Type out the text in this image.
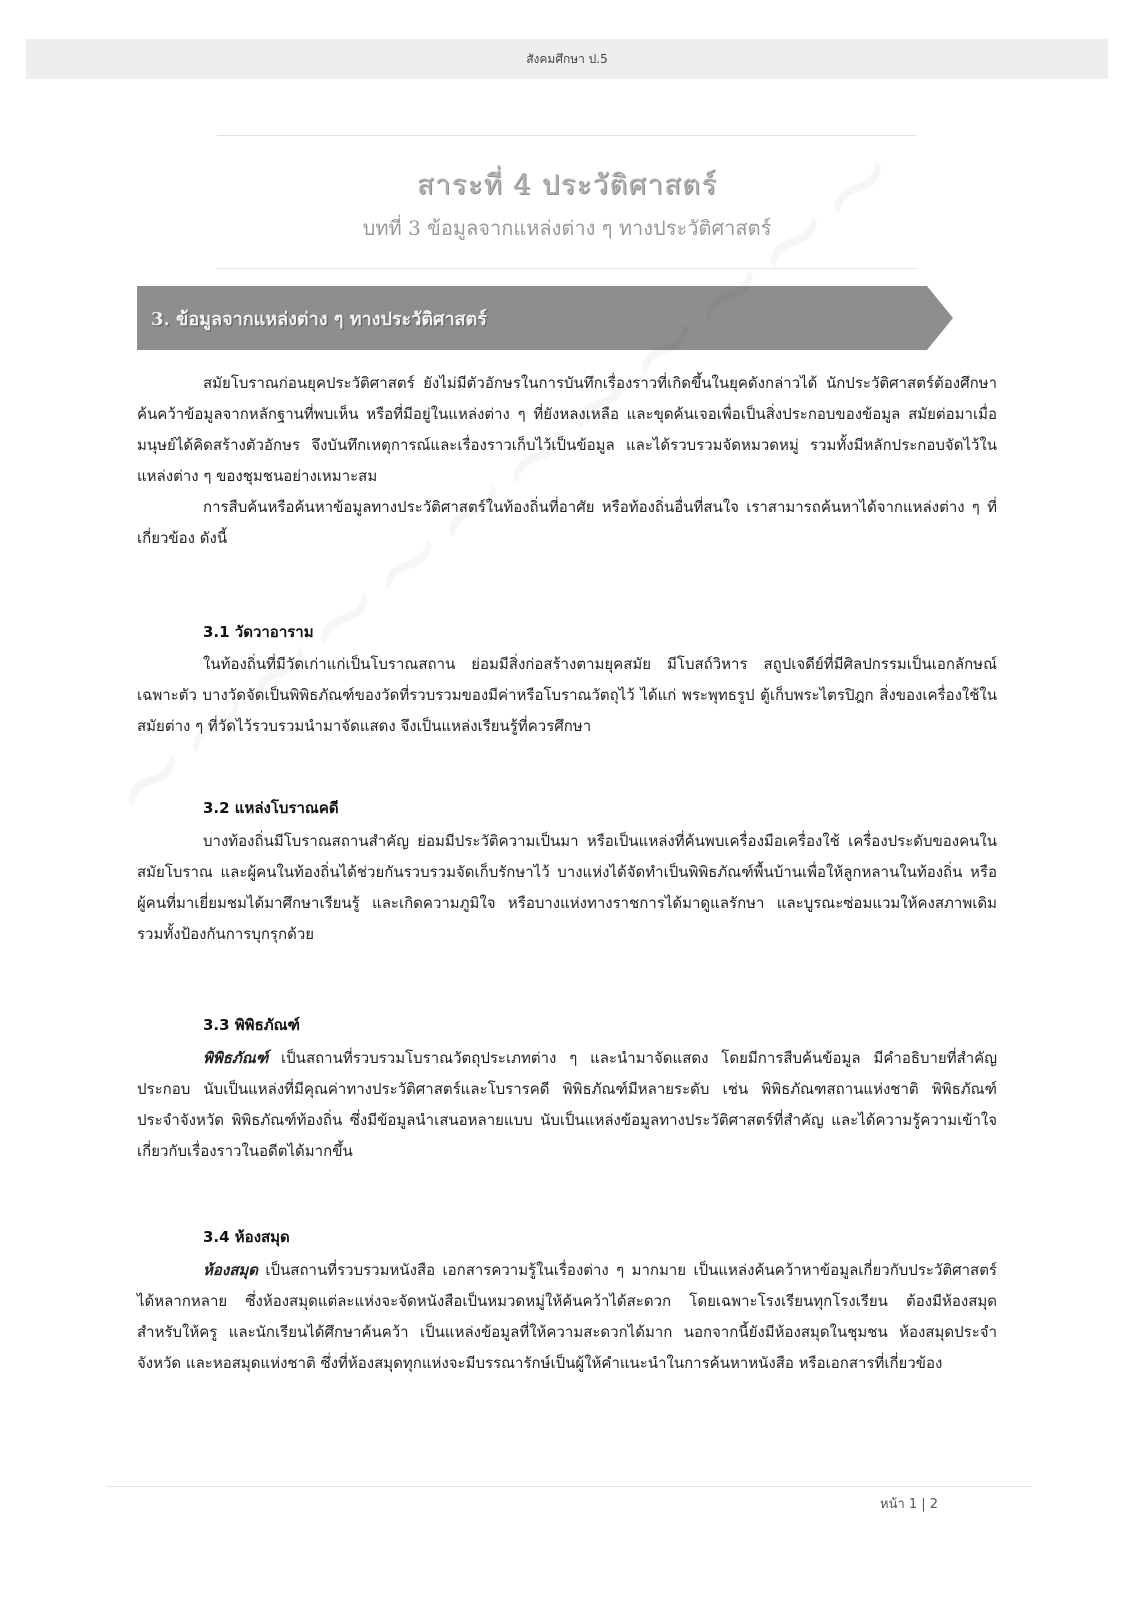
สังคมศึกษา ป.5
สาระที่ 4 ประวัติศาสตร์
บทที่ 3 ข้อมูลจากแหล่งต่าง ๆ ทางประวัติศาสตร์
3. ข้อมูลจากแหล่งต่าง ๆ ทางประวัติศาสตร์

สมัยโบราณก่อนยุคประวัติศาสตร์ ยังไม่มีตัวอักษรในการบันทึกเรื่องราวที่เกิดขึ้นในยุคดังกล่าวได้ นักประวัติศาสตร์ต้องศึกษาค้นคว้าข้อมูลจากหลักฐานที่พบเห็น หรือที่มีอยู่ในแหล่งต่าง ๆ ที่ยังหลงเหลือ และขุดค้นเจอเพื่อเป็นสิ่งประกอบของข้อมูล สมัยต่อมาเมื่อมนุษย์ได้คิดสร้างตัวอักษร จึงบันทึกเหตุการณ์และเรื่องราวเก็บไว้เป็นข้อมูล และได้รวบรวมจัดหมวดหมู่ รวมทั้งมีหลักประกอบจัดไว้ในแหล่งต่าง ๆ ของชุมชนอย่างเหมาะสม

การสืบค้นหรือค้นหาข้อมูลทางประวัติศาสตร์ในท้องถิ่นที่อาศัย หรือท้องถิ่นอื่นที่สนใจ เราสามารถค้นหาได้จากแหล่งต่าง ๆ ที่เกี่ยวข้อง ดังนี้

3.1 วัดวาอาราม

ในท้องถิ่นที่มีวัดเก่าแก่เป็นโบราณสถาน ย่อมมีสิ่งก่อสร้างตามยุคสมัย มีโบสถ์วิหาร สถูปเจดีย์ที่มีศิลปกรรมเป็นเอกลักษณ์เฉพาะตัว บางวัดจัดเป็นพิพิธภัณฑ์ของวัดที่รวบรวมของมีค่าหรือโบราณวัตถุไว้ ได้แก่ พระพุทธรูป ตู้เก็บพระไตรปิฎก สิ่งของเครื่องใช้ในสมัยต่าง ๆ ที่วัดไว้รวบรวมนำมาจัดแสดง จึงเป็นแหล่งเรียนรู้ที่ควรศึกษา

3.2 แหล่งโบราณคดี

บางท้องถิ่นมีโบราณสถานสำคัญ ย่อมมีประวัติความเป็นมา หรือเป็นแหล่งที่ค้นพบเครื่องมือเครื่องใช้ เครื่องประดับของคนในสมัยโบราณ และผู้คนในท้องถิ่นได้ช่วยกันรวบรวมจัดเก็บรักษาไว้ บางแห่งได้จัดทำเป็นพิพิธภัณฑ์พื้นบ้านเพื่อให้ลูกหลานในท้องถิ่น หรือผู้คนที่มาเยี่ยมชมได้มาศึกษาเรียนรู้ และเกิดความภูมิใจ หรือบางแห่งทางราชการได้มาดูแลรักษา และบูรณะซ่อมแวมให้คงสภาพเดิม รวมทั้งป้องกันการบุกรุกด้วย

3.3 พิพิธภัณฑ์

พิพิธภัณฑ์ เป็นสถานที่รวบรวมโบราณวัตถุประเภทต่าง ๆ และนำมาจัดแสดง โดยมีการสืบค้นข้อมูล มีคำอธิบายที่สำคัญประกอบ นับเป็นแหล่งที่มีคุณค่าทางประวัติศาสตร์และโบรารคดี พิพิธภัณฑ์มีหลายระดับ เช่น พิพิธภัณฑสถานแห่งชาติ พิพิธภัณฑ์ประจำจังหวัด พิพิธภัณฑ์ท้องถิ่น ซึ่งมีข้อมูลนำเสนอหลายแบบ นับเป็นแหล่งข้อมูลทางประวัติศาสตร์ที่สำคัญ และได้ความรู้ความเข้าใจเกี่ยวกับเรื่องราวในอดีตได้มากขึ้น

3.4 ห้องสมุด

ห้องสมุด เป็นสถานที่รวบรวมหนังสือ เอกสารความรู้ในเรื่องต่าง ๆ มากมาย เป็นแหล่งค้นคว้าหาข้อมูลเกี่ยวกับประวัติศาสตร์ได้หลากหลาย ซึ่งห้องสมุดแต่ละแห่งจะจัดหนังสือเป็นหมวดหมู่ให้ค้นคว้าได้สะดวก โดยเฉพาะโรงเรียนทุกโรงเรียน ต้องมีห้องสมุดสำหรับให้ครู และนักเรียนได้ศึกษาค้นคว้า เป็นแหล่งข้อมูลที่ให้ความสะดวกได้มาก นอกจากนี้ยังมีห้องสมุดในชุมชน ห้องสมุดประจำจังหวัด และหอสมุดแห่งชาติ ซึ่งที่ห้องสมุดทุกแห่งจะมีบรรณารักษ์เป็นผู้ให้คำแนะนำในการค้นหาหนังสือ หรือเอกสารที่เกี่ยวข้อง

หน้า 1 | 2
